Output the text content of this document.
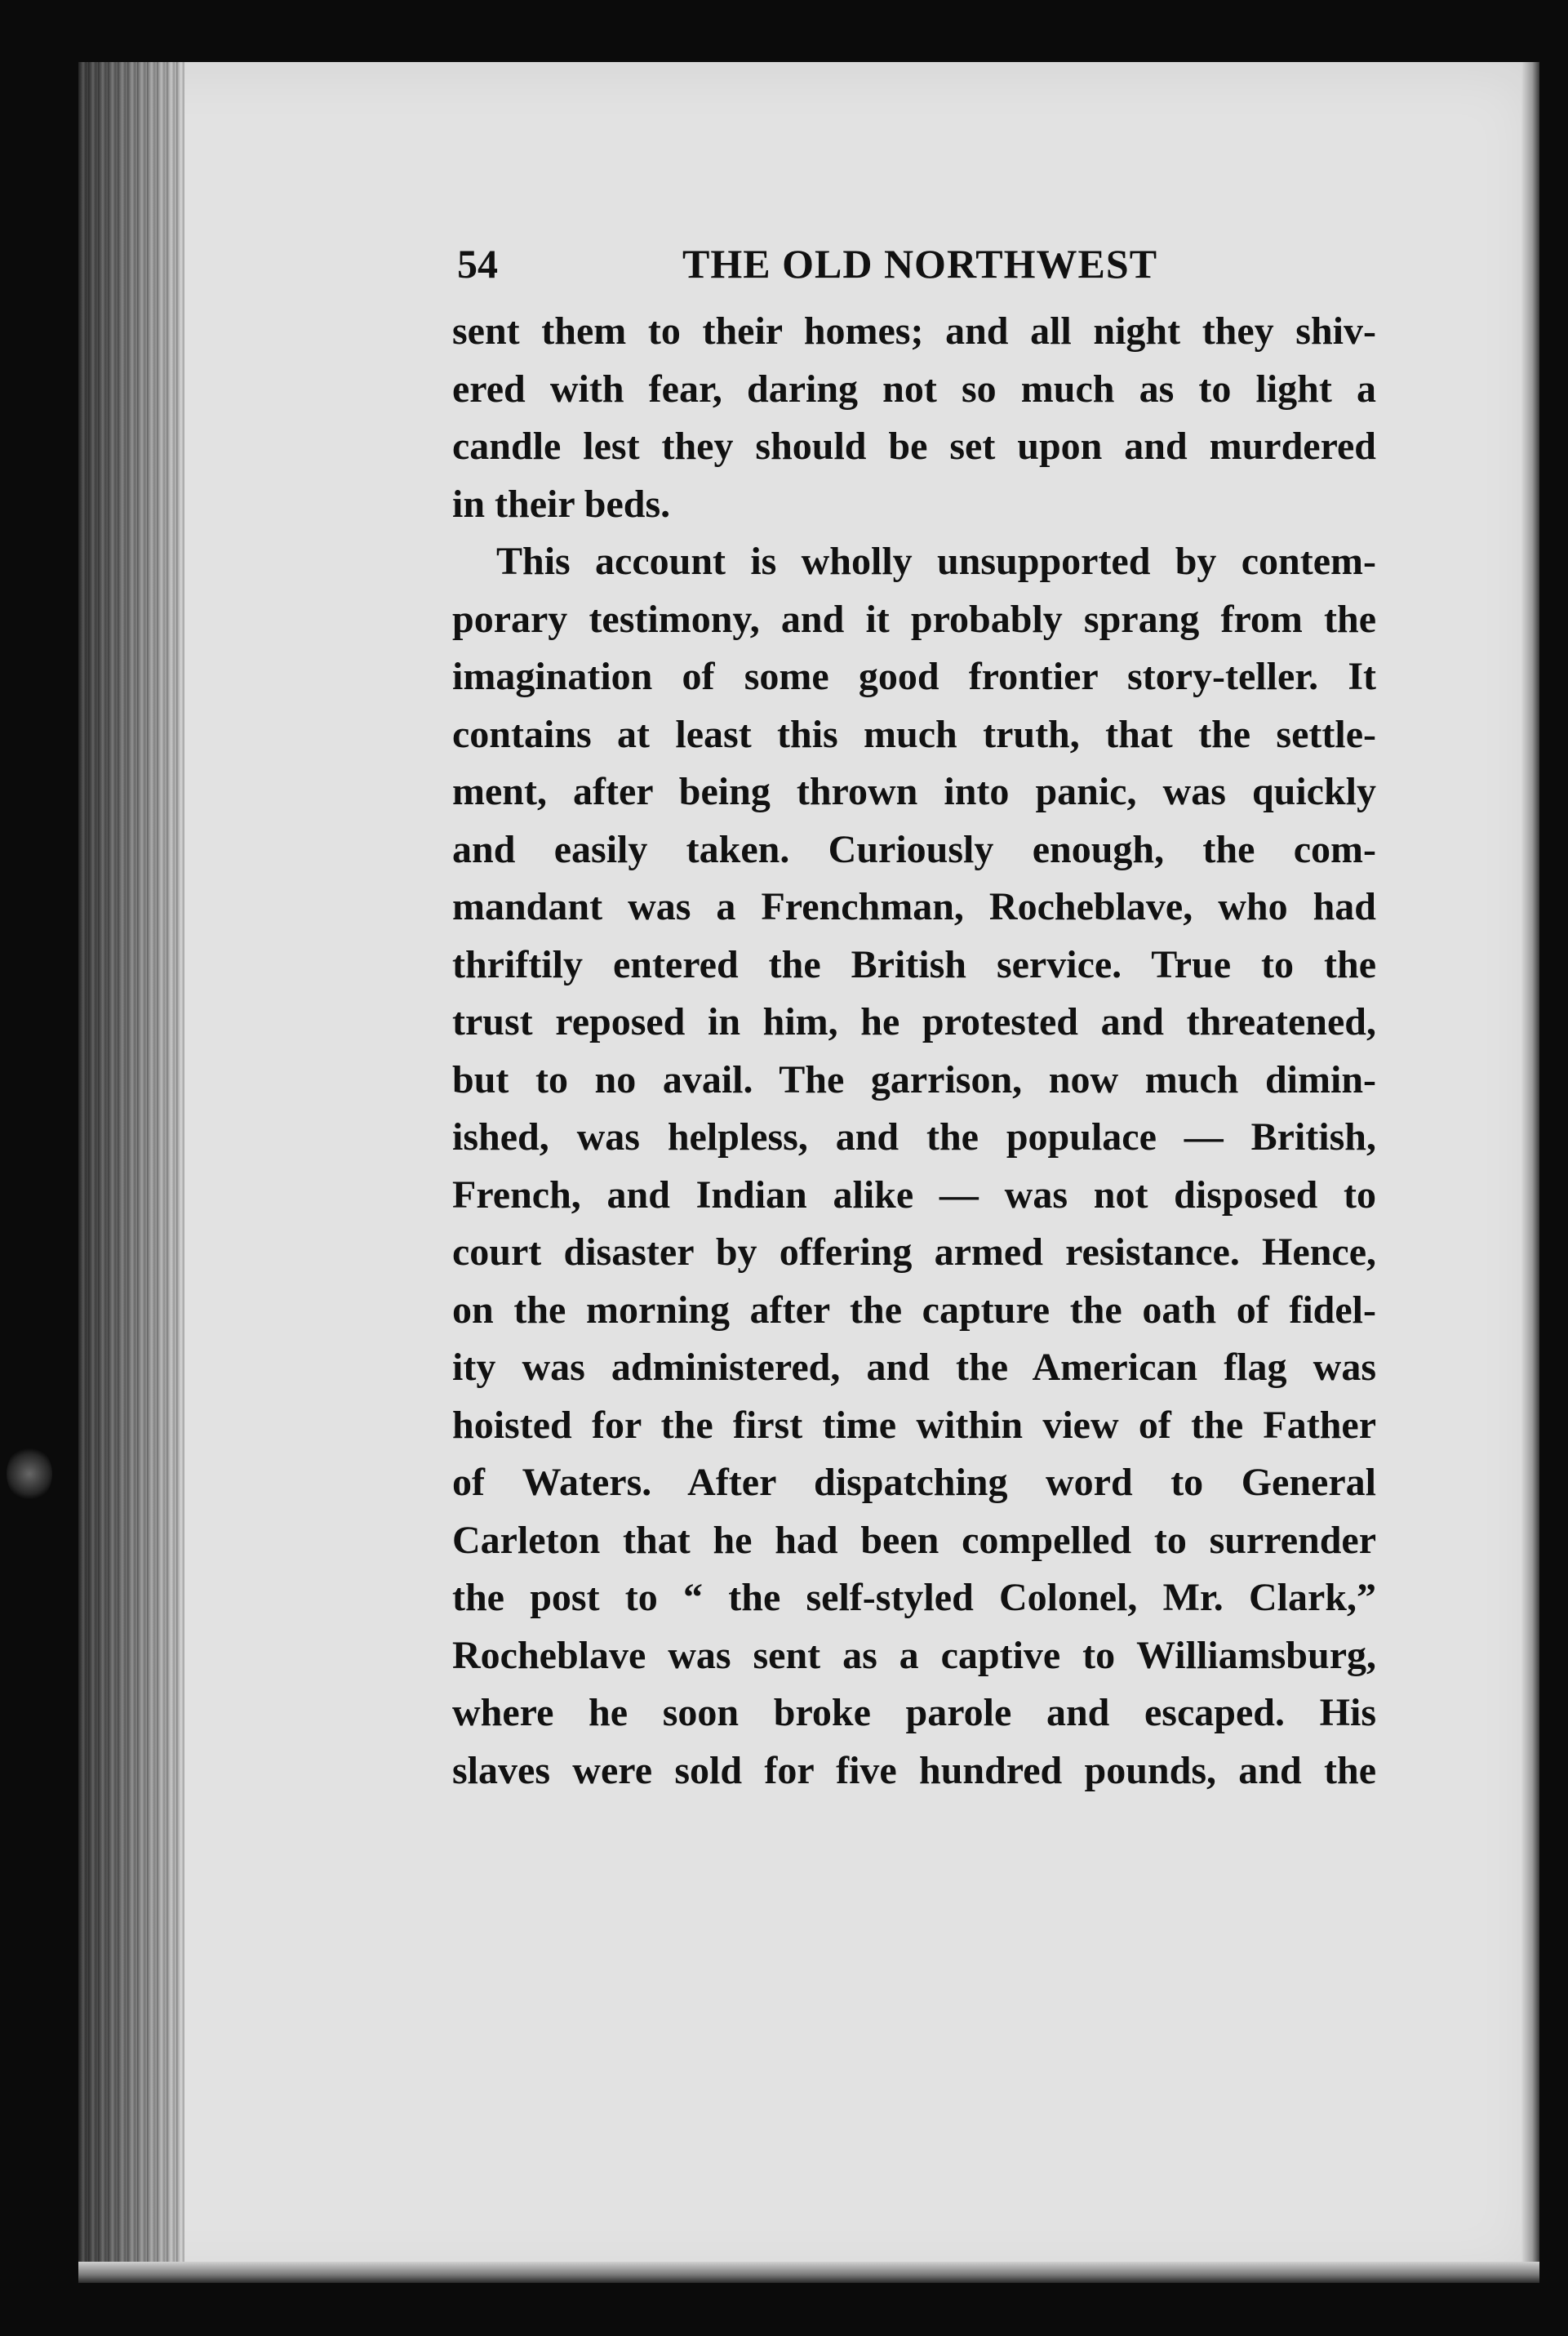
54	THE OLD NORTHWEST
sent them to their homes; and all night they shiv-
ered with fear, daring not so much as to light a
candle lest they should be set upon and murdered
in their beds.
This account is wholly unsupported by contem-
porary testimony, and it probably sprang from the
imagination of some good frontier story-teller. It
contains at least this much truth, that the settle-
ment, after being thrown into panic, was quickly
and easily taken. Curiously enough, the com-
mandant was a Frenchman, Rocheblave, who had
thriftily entered the British service. True to the
trust reposed in him, he protested and threatened,
but to no avail. The garrison, now much dimin-
ished, was helpless, and the populace — British,
French, and Indian alike — was not disposed to
court disaster by offering armed resistance. Hence,
on the morning after the capture the oath of fidel-
ity was administered, and the American flag was
hoisted for the first time within view of the Father
of Waters. After dispatching word to General
Carleton that he had been compelled to surrender
the post to “ the self-styled Colonel, Mr. Clark,”
Rocheblave was sent as a captive to Williamsburg,
where he soon broke parole and escaped. His
slaves were sold for five hundred pounds, and the
